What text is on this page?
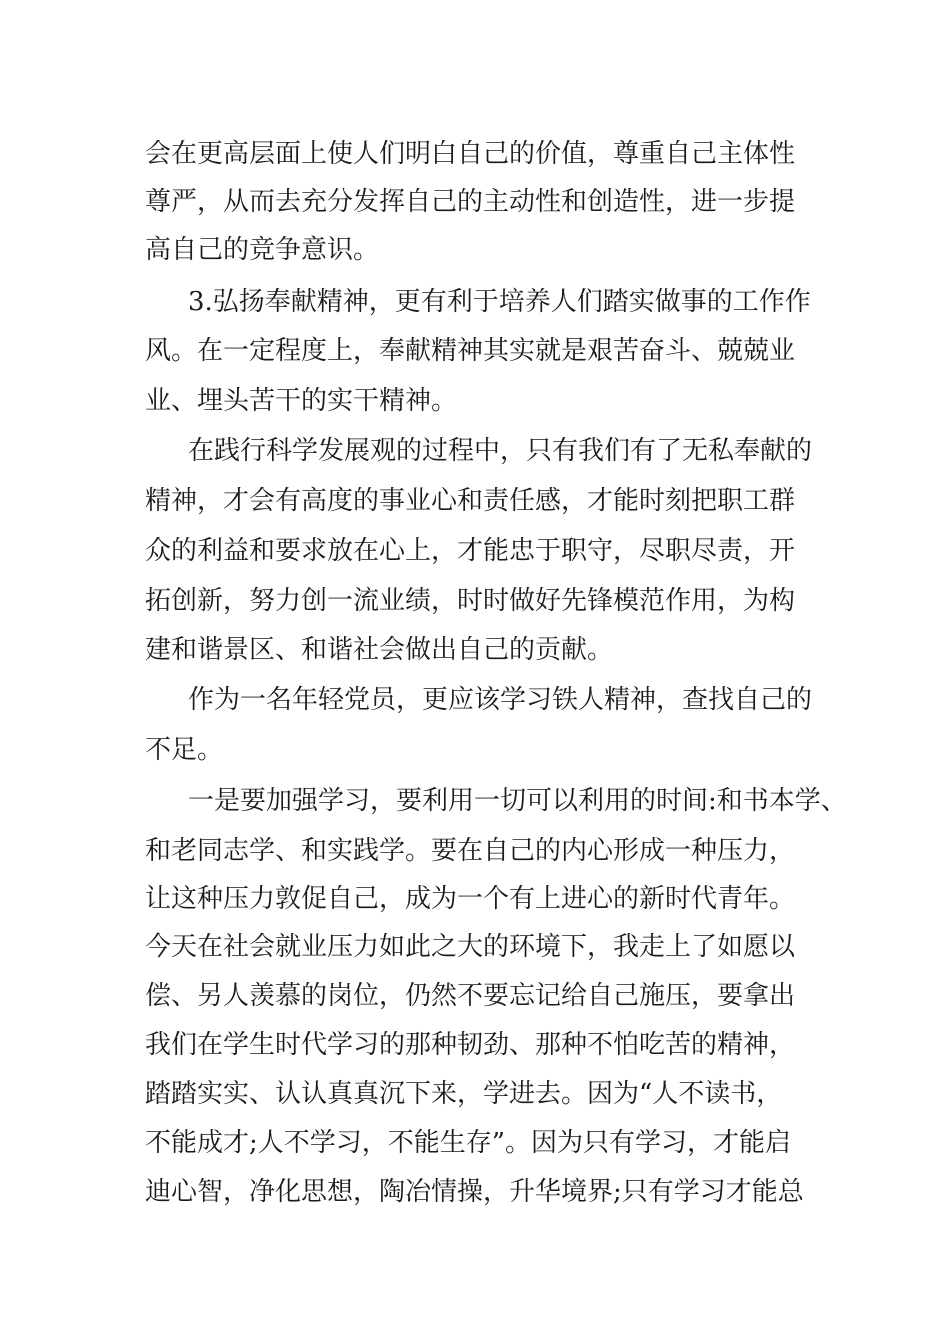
会在更高层面上使人们明白自己的价值，尊重自己主体性

尊严，从而去充分发挥自己的主动性和创造性，进一步提

高自己的竞争意识。

3.弘扬奉献精神，更有利于培养人们踏实做事的工作作

风。在一定程度上，奉献精神其实就是艰苦奋斗、兢兢业

业、埋头苦干的实干精神。

在践行科学发展观的过程中，只有我们有了无私奉献的

精神，才会有高度的事业心和责任感，才能时刻把职工群

众的利益和要求放在心上，才能忠于职守，尽职尽责，开

拓创新，努力创一流业绩，时时做好先锋模范作用，为构

建和谐景区、和谐社会做出自己的贡献。

作为一名年轻党员，更应该学习铁人精神，查找自己的

不足。

一是要加强学习，要利用一切可以利用的时间:和书本学、

和老同志学、和实践学。要在自己的内心形成一种压力，

让这种压力敦促自己，成为一个有上进心的新时代青年。

今天在社会就业压力如此之大的环境下，我走上了如愿以

偿、另人羡慕的岗位，仍然不要忘记给自己施压，要拿出

我们在学生时代学习的那种韧劲、那种不怕吃苦的精神，

踏踏实实、认认真真沉下来，学进去。因为“人不读书，

不能成才;人不学习，不能生存”。因为只有学习，才能启

迪心智，净化思想，陶冶情操，升华境界;只有学习才能总
